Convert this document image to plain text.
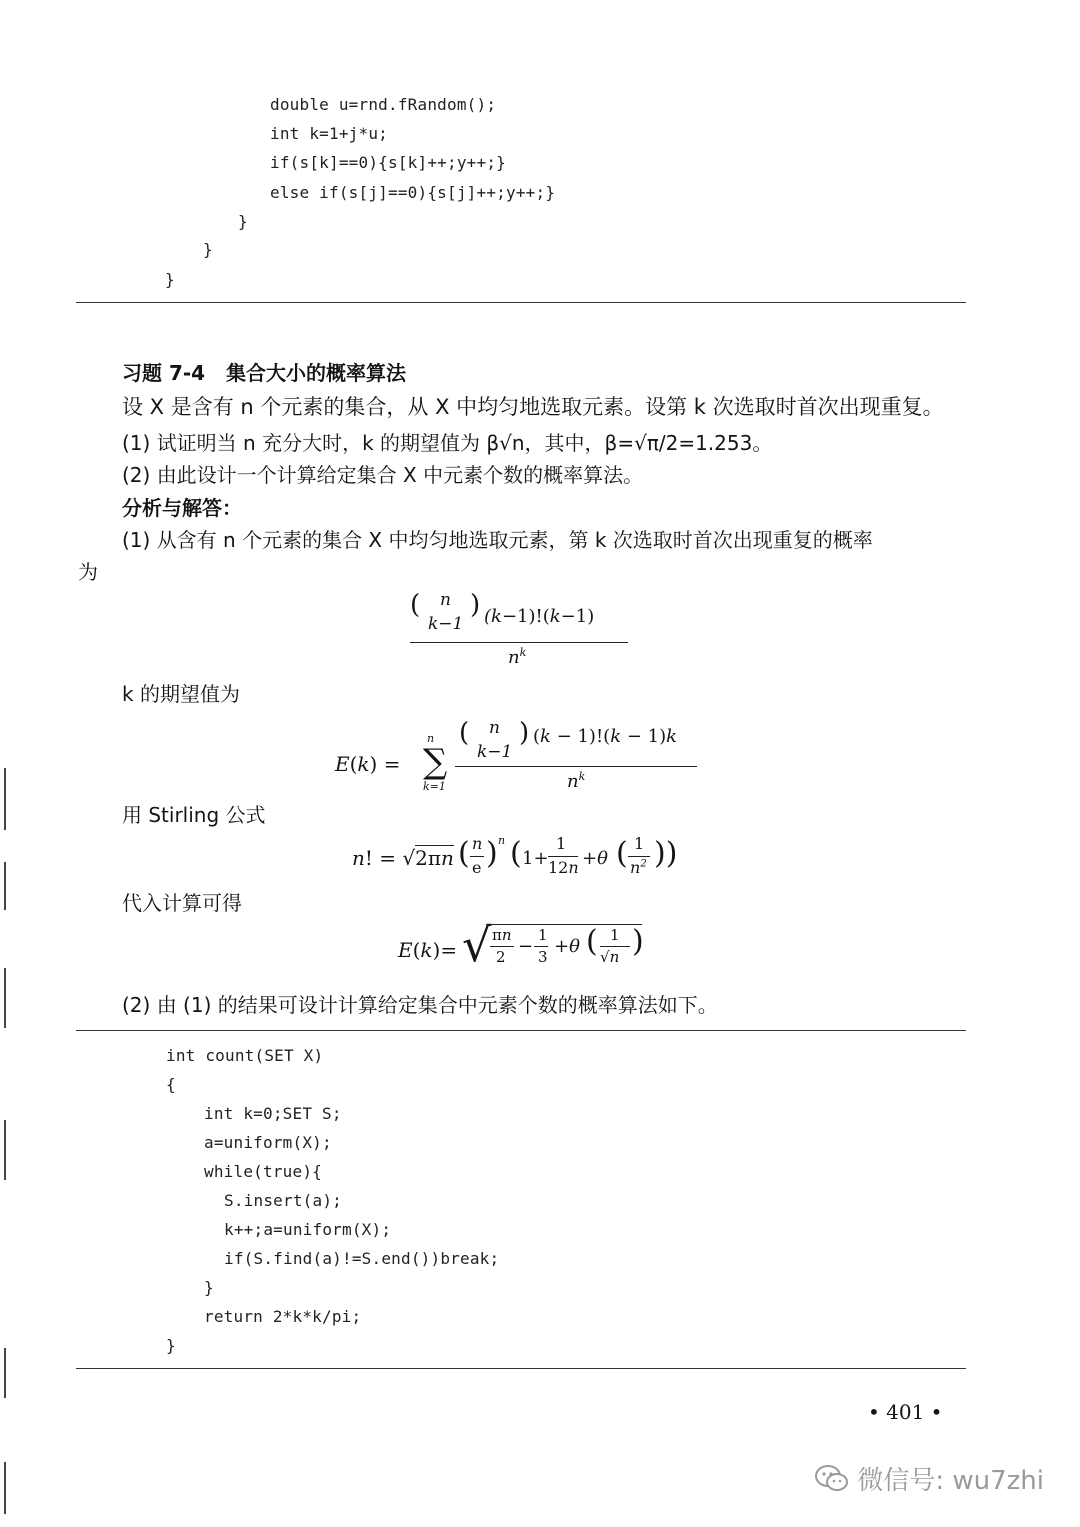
double u=rnd.fRandom();
int k=1+j*u;
if(s[k]==0){s[k]++;y++;}
else if(s[j]==0){s[j]++;y++;}
}
}
}
习题 7-4   集合大小的概率算法
设 X 是含有 n 个元素的集合，从 X 中均匀地选取元素。设第 k 次选取时首次出现重复。
(1) 试证明当 n 充分大时，k 的期望值为 β√n，其中，β=√π/2=1.253。
(2) 由此设计一个计算给定集合 X 中元素个数的概率算法。
分析与解答：
(1) 从含有 n 个元素的集合 X 中均匀地选取元素，第 k 次选取时首次出现重复的概率
为

(

n

k−1

)

(k−1)!(k−1)

$n^k$

k 的期望值为

E(k) =

∑

n

k=1

(

n

k−1

)

(k − 1)!(k − 1)k

$n^k$

用 Stirling 公式

n! = √2πn

(

n

e

)

n

(

1+

1

12n

+θ

(

1

$n^2$

))

代入计算可得

E(k)=

√

πn

2

−

1

3

+θ

(

1

√n

)

(2) 由 (1) 的结果可设计计算给定集合中元素个数的概率算法如下。
int count(SET X)
{
int k=0;SET S;
a=uniform(X);
while(true){
S.insert(a);
k++;a=uniform(X);
if(S.find(a)!=S.end())break;
}
return 2*k*k/pi;
}
• 401 •
微信号: wu7zhi
